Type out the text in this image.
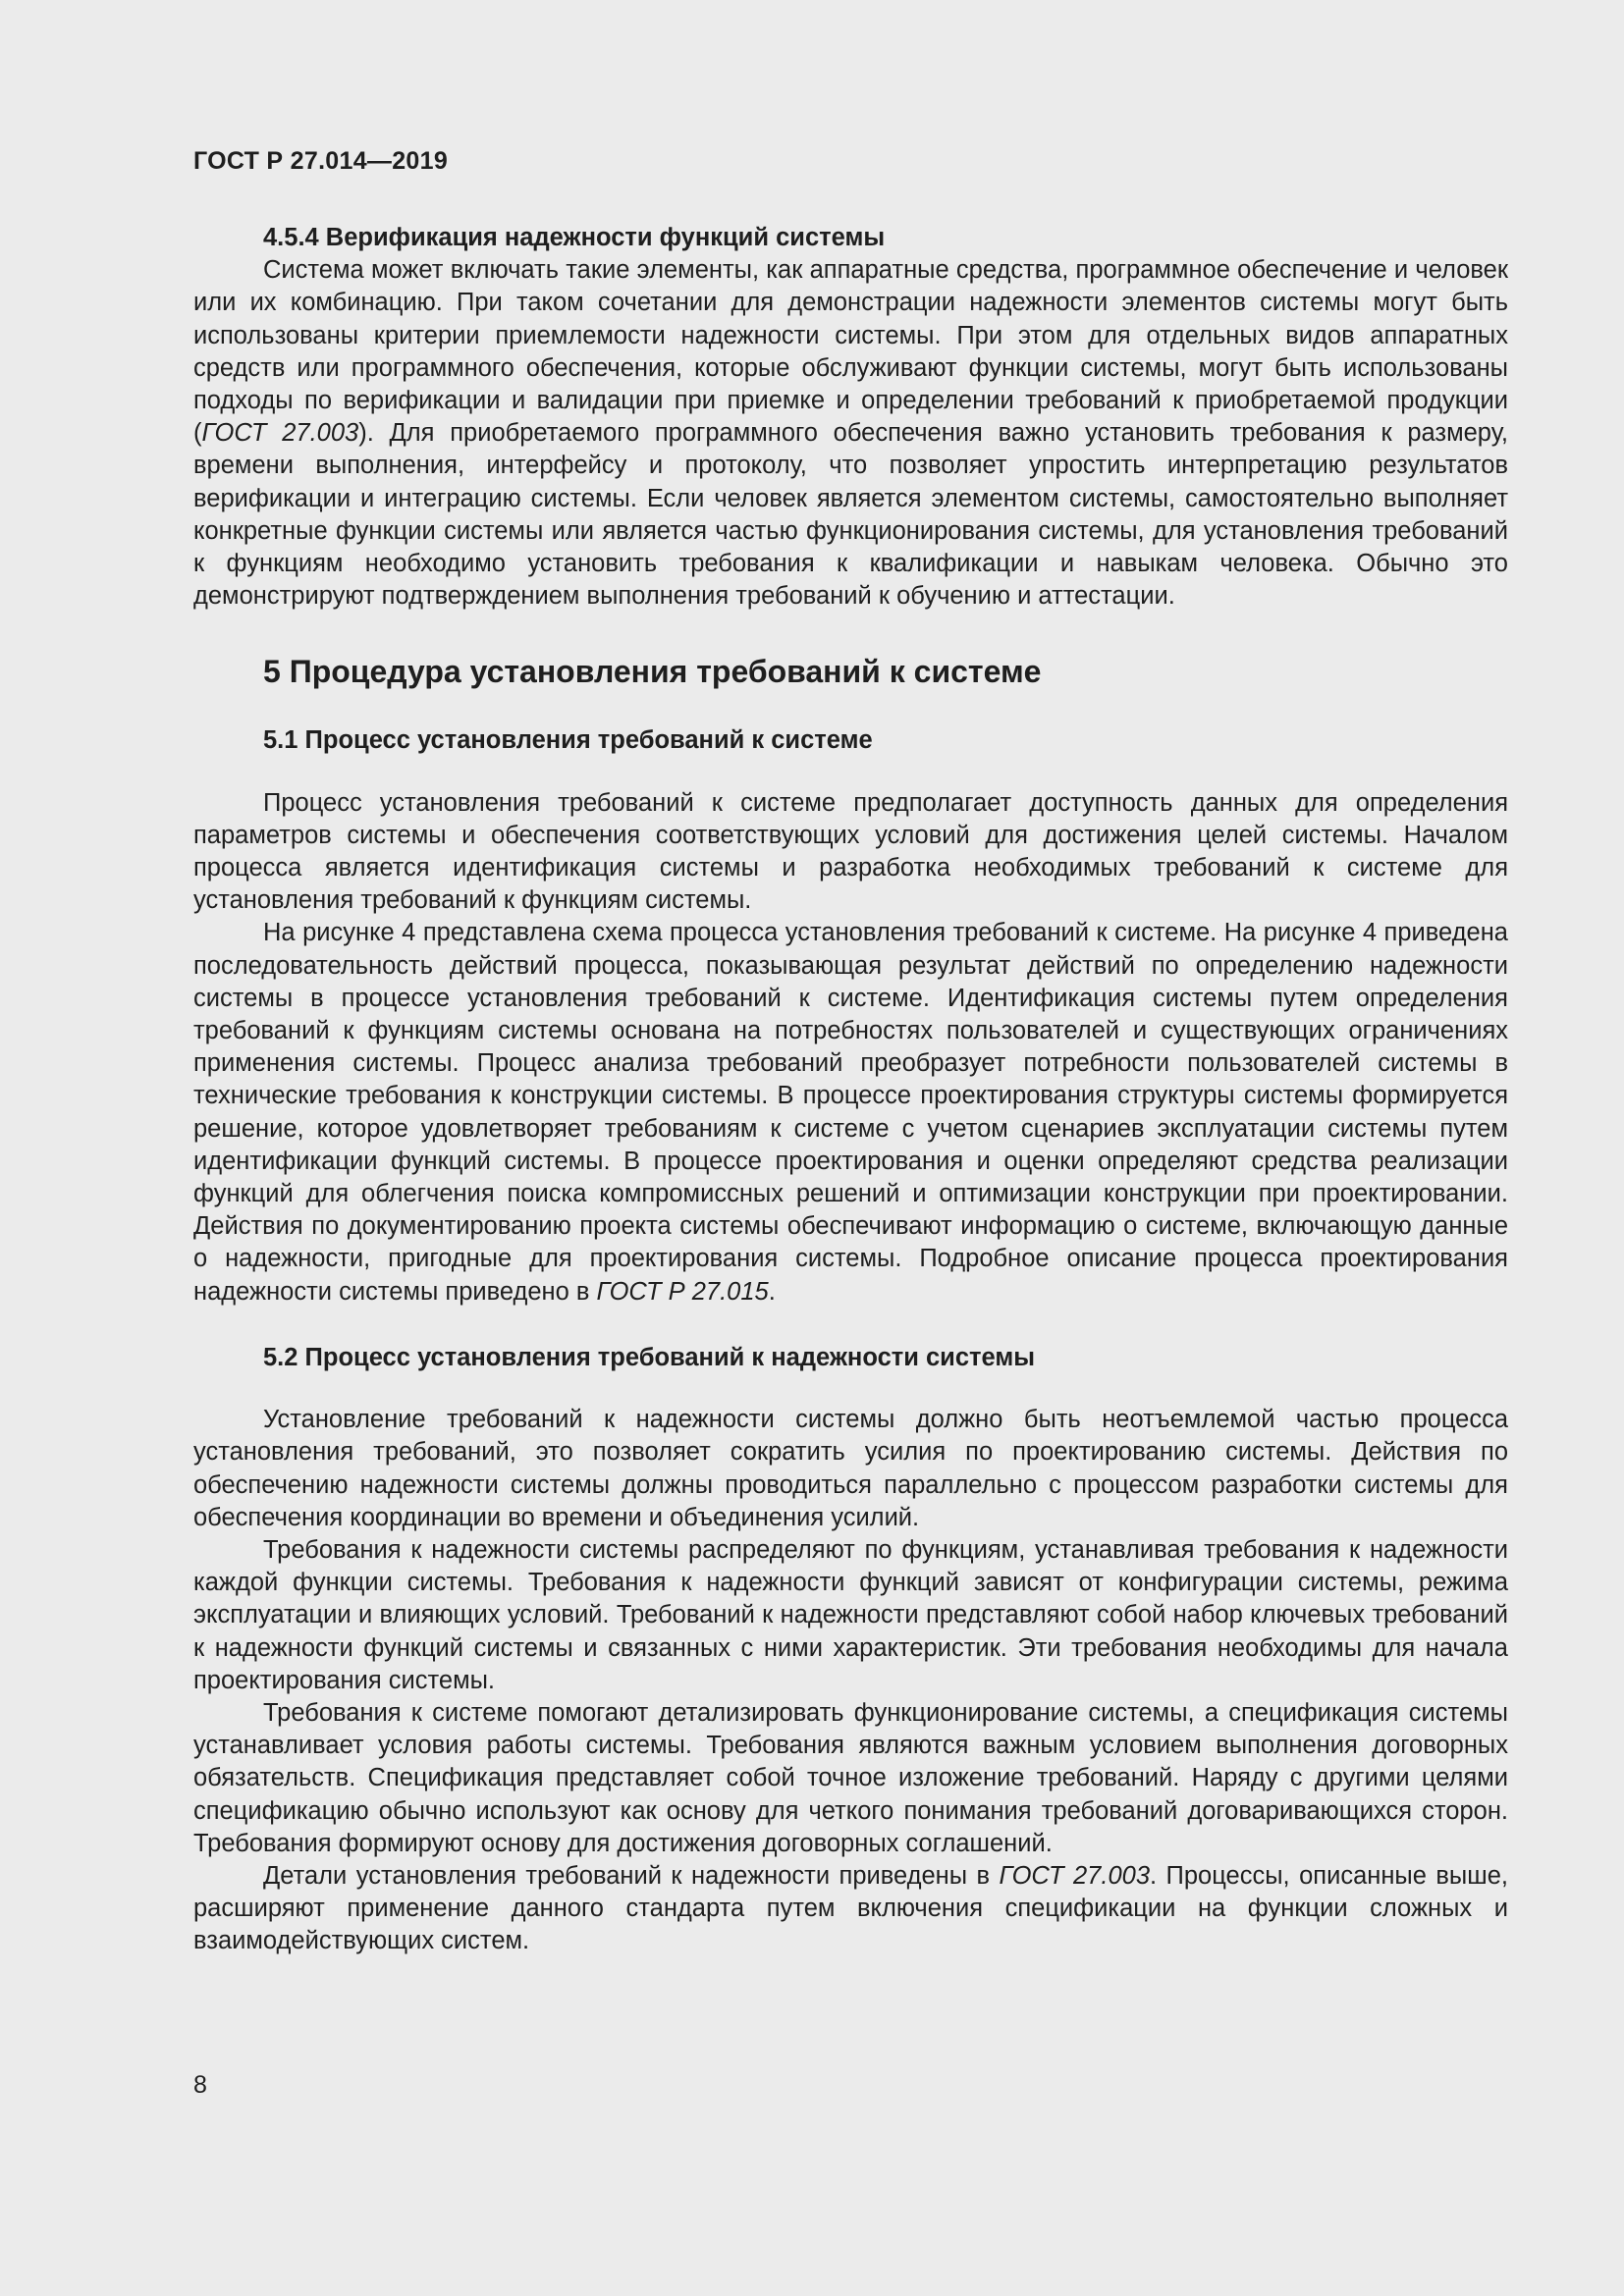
ГОСТ Р 27.014—2019
4.5.4 Верификация надежности функций системы

Система может включать такие элементы, как аппаратные средства, программное обеспечение и человек или их комбинацию. При таком сочетании для демонстрации надежности элементов системы могут быть использованы критерии приемлемости надежности системы. При этом для отдельных видов аппаратных средств или программного обеспечения, которые обслуживают функции системы, могут быть использованы подходы по верификации и валидации при приемке и определении требований к приобретаемой продукции (ГОСТ 27.003). Для приобретаемого программного обеспечения важно установить требования к размеру, времени выполнения, интерфейсу и протоколу, что позволяет упростить интерпретацию результатов верификации и интеграцию системы. Если человек является элементом системы, самостоятельно выполняет конкретные функции системы или является частью функционирования системы, для установления требований к функциям необходимо установить требования к квалификации и навыкам человека. Обычно это демонстрируют подтверждением выполнения требований к обучению и аттестации.

5 Процедура установления требований к системе
5.1 Процесс установления требований к системе

Процесс установления требований к системе предполагает доступность данных для определения параметров системы и обеспечения соответствующих условий для достижения целей системы. Началом процесса является идентификация системы и разработка необходимых требований к системе для установления требований к функциям системы.

На рисунке 4 представлена схема процесса установления требований к системе. На рисунке 4 приведена последовательность действий процесса, показывающая результат действий по определению надежности системы в процессе установления требований к системе. Идентификация системы путем определения требований к функциям системы основана на потребностях пользователей и существующих ограничениях применения системы. Процесс анализа требований преобразует потребности пользователей системы в технические требования к конструкции системы. В процессе проектирования структуры системы формируется решение, которое удовлетворяет требованиям к системе с учетом сценариев эксплуатации системы путем идентификации функций системы. В процессе проектирования и оценки определяют средства реализации функций для облегчения поиска компромиссных решений и оптимизации конструкции при проектировании. Действия по документированию проекта системы обеспечивают информацию о системе, включающую данные о надежности, пригодные для проектирования системы. Подробное описание процесса проектирования надежности системы приведено в ГОСТ Р 27.015.

5.2 Процесс установления требований к надежности системы

Установление требований к надежности системы должно быть неотъемлемой частью процесса установления требований, это позволяет сократить усилия по проектированию системы. Действия по обеспечению надежности системы должны проводиться параллельно с процессом разработки системы для обеспечения координации во времени и объединения усилий.

Требования к надежности системы распределяют по функциям, устанавливая требования к надежности каждой функции системы. Требования к надежности функций зависят от конфигурации системы, режима эксплуатации и влияющих условий. Требований к надежности представляют собой набор ключевых требований к надежности функций системы и связанных с ними характеристик. Эти требования необходимы для начала проектирования системы.

Требования к системе помогают детализировать функционирование системы, а спецификация системы устанавливает условия работы системы. Требования являются важным условием выполнения договорных обязательств. Спецификация представляет собой точное изложение требований. Наряду с другими целями спецификацию обычно используют как основу для четкого понимания требований договаривающихся сторон. Требования формируют основу для достижения договорных соглашений.

Детали установления требований к надежности приведены в ГОСТ 27.003. Процессы, описанные выше, расширяют применение данного стандарта путем включения спецификации на функции сложных и взаимодействующих систем.

8
